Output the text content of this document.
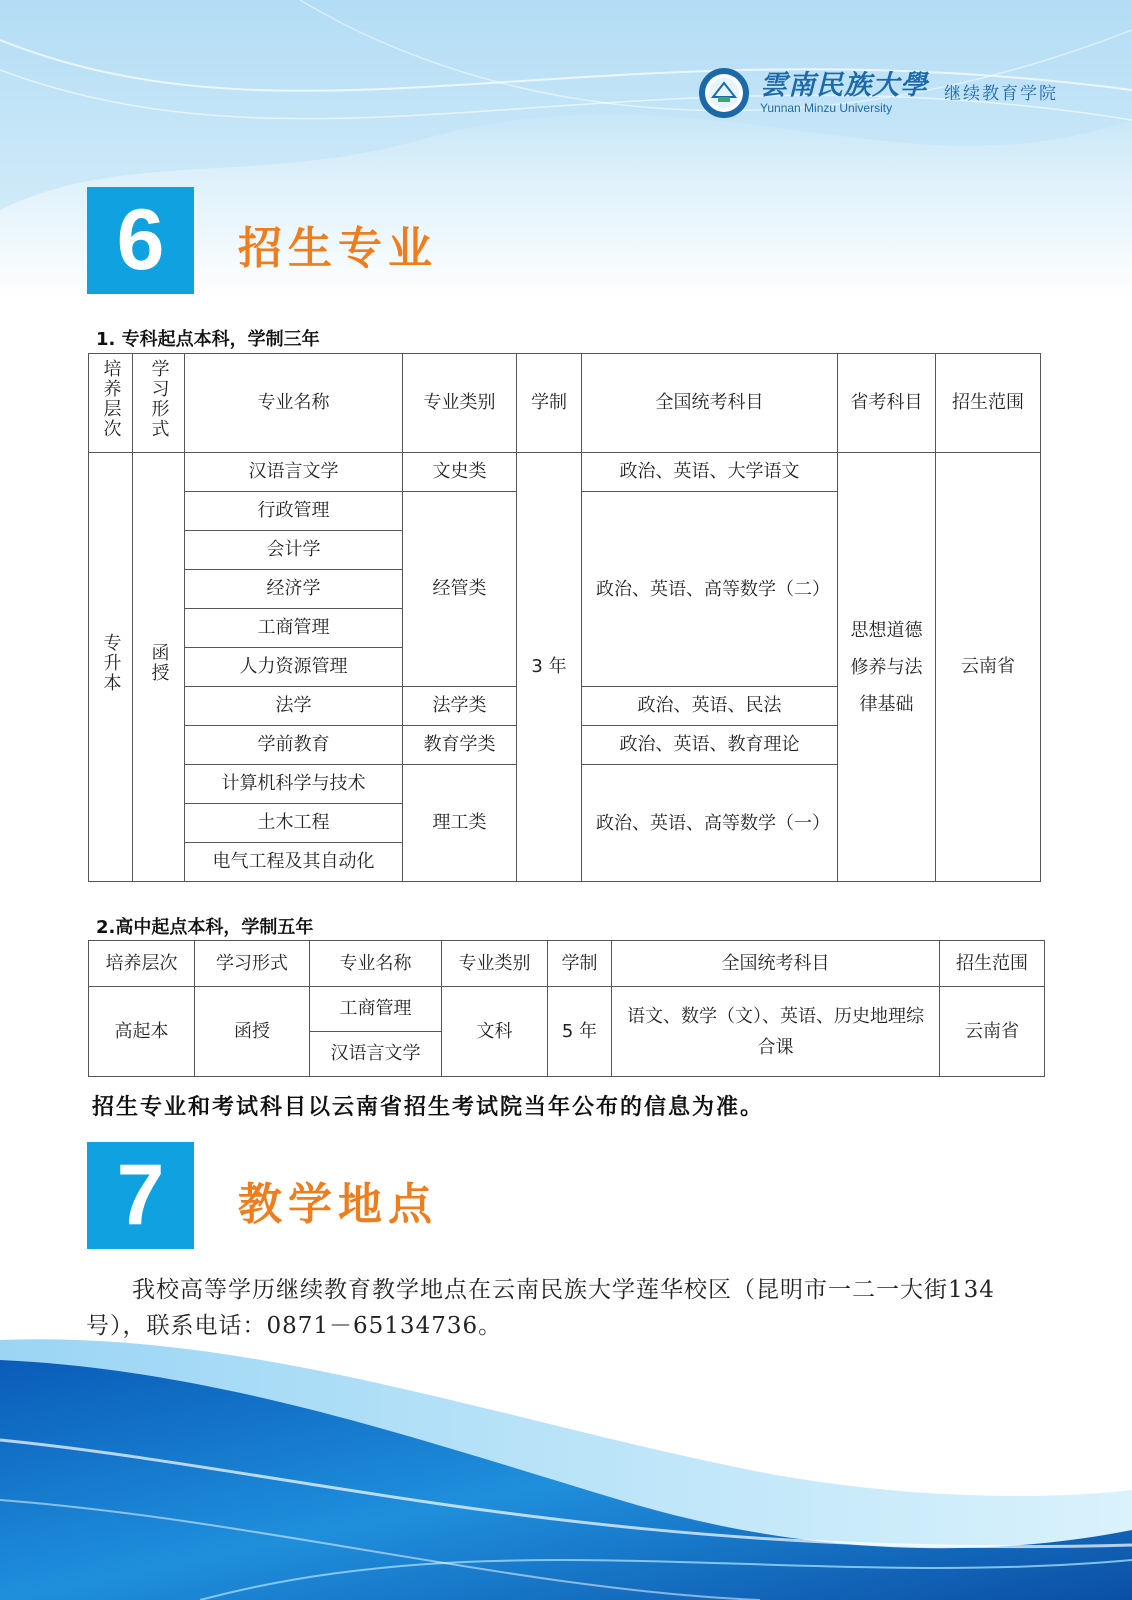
雲南民族大學
Yunnan Minzu University
继续教育学院
6	招生专业
1. 专科起点本科，学制三年
培养层次	学习形式	专业名称	专业类别	学制	全国统考科目	省考科目	招生范围
专升本	函授	汉语言文学	文史类	3 年	政治、英语、大学语文	思想道德修养与法律基础	云南省
		行政管理	经管类		政治、英语、高等数学（二）		
		会计学					
		经济学					
		工商管理					
		人力资源管理					
		法学	法学类		政治、英语、民法		
		学前教育	教育学类		政治、英语、教育理论		
		计算机科学与技术	理工类		政治、英语、高等数学（一）		
		土木工程					
		电气工程及其自动化					
2.高中起点本科，学制五年
培养层次	学习形式	专业名称	专业类别	学制	全国统考科目	招生范围
高起本	函授	工商管理	文科	5 年	语文、数学（文）、英语、历史地理综合课	云南省
		汉语言文学				
招生专业和考试科目以云南省招生考试院当年公布的信息为准。
7	教学地点
我校高等学历继续教育教学地点在云南民族大学莲华校区（昆明市一二一大街134号），联系电话：0871－65134736。
